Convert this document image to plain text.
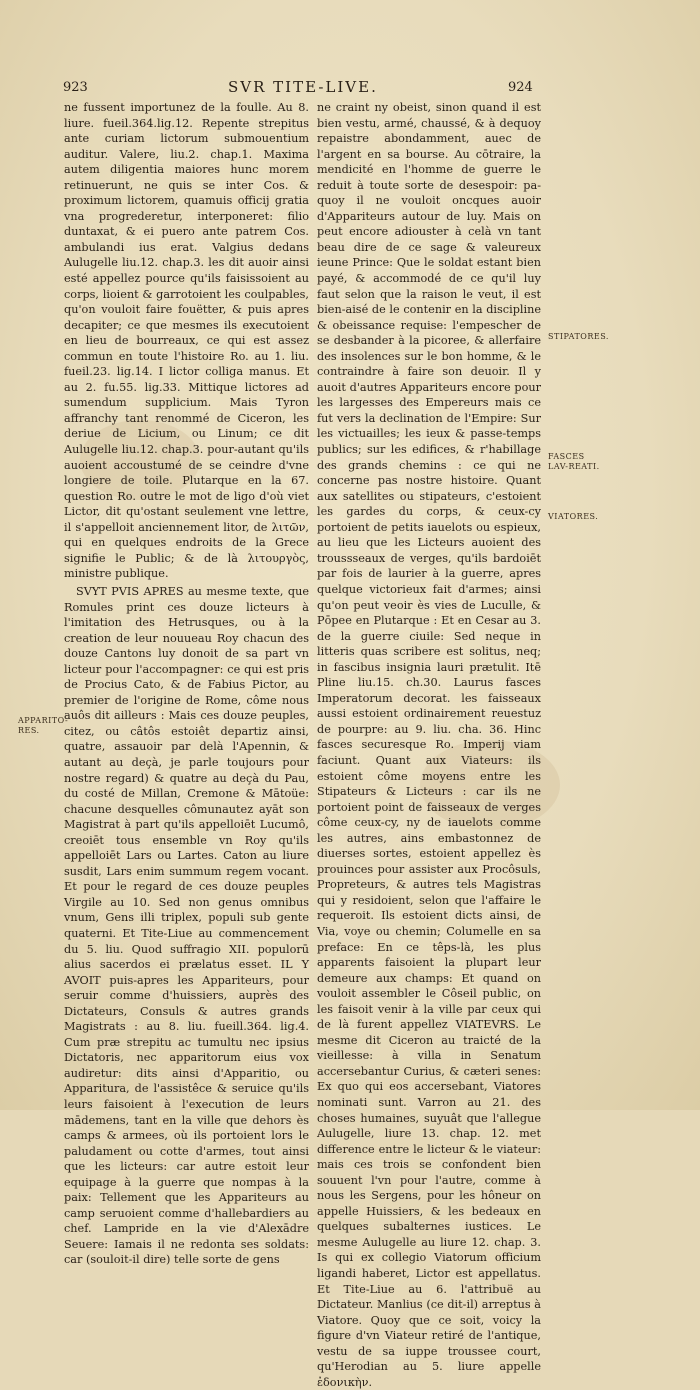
923	SVR TITE-LIVE.	924

ne fussent importunez de la foulle. Au 8. liure. fueil.364.lig.12. Repente strepitus ante curiam lictorum submouentium auditur. Valere, liu.2. chap.1. Maxima autem diligentia maiores hunc morem retinuerunt, ne quis se inter Cos. & proximum lictorem, quamuis officij gratia vna progrederetur, interponeret: filio duntaxat, & ei puero ante patrem Cos. ambulandi ius erat. Valgius dedans Aulugelle liu.12. chap.3. les dit auoir ainsi esté appellez pource qu'ils faisissoient au corps, lioient & garrotoient les coulpables, qu'on vouloit faire fouëtter, & puis apres decapiter; ce que mesmes ils executoient en lieu de bourreaux, ce qui est assez commun en toute l'histoire Ro. au 1. liu. fueil.23. lig.14. I lictor colliga manus. Et au 2. fu.55. lig.33. Mittique lictores ad sumendum supplicium. Mais Tyron affranchy tant renommé de Ciceron, les deriue de Licium, ou Linum; ce dit Aulugelle liu.12. chap.3. pour-autant qu'ils auoient accoustumé de se ceindre d'vne longiere de toile. Plutarque en la 67. question Ro. outre le mot de ligo d'où viet Lictor, dit qu'ostant seulement vne lettre, il s'appelloit anciennement litor, de λιτῶν, qui en quelques endroits de la Grece signifie le Public; & de là λιτουργὸς, ministre publique.

SVYT PVIS APRES au mesme texte, que Romules print ces douze licteurs à l'imitation des Hetrusques, ou à la creation de leur nouueau Roy chacun des douze Cantons luy donoit de sa part vn licteur pour l'accompagner: ce qui est pris de Procius Cato, & de Fabius Pictor, au premier de l'origine de Rome, côme nous auôs dit ailleurs : Mais ces douze peuples, citez, ou câtôs estoiêt departiz ainsi, quatre, assauoir par delà l'Apennin, & autant au deçà, je parle toujours pour nostre regard) & quatre au deçà du Pau, du costé de Millan, Cremone & Mātoüe: chacune desquelles cômunautez ayāt son Magistrat à part qu'ils appelloiēt Lucumô, creoiēt tous ensemble vn Roy qu'ils appelloiēt Lars ou Lartes. Caton au liure susdit, Lars enim summum regem vocant. Et pour le regard de ces douze peuples Virgile au 10. Sed non genus omnibus vnum, Gens illi triplex, populi sub gente quaterni. Et Tite-Liue au commencement du 5. liu. Quod suffragio XII. populorū alius sacerdos ei prælatus esset. IL Y AVOIT puis-apres les Appariteurs, pour seruir comme d'huissiers, auprès des Dictateurs, Consuls & autres grands Magistrats : au 8. liu. fueill.364. lig.4. Cum præ strepitu ac tumultu nec ipsius Dictatoris, nec apparitorum eius vox audiretur: dits ainsi d'Apparitio, ou Apparitura, de l'assistêce & seruice qu'ils leurs faisoient à l'execution de leurs mādemens, tant en la ville que dehors ès camps & armees, où ils portoient lors le paludament ou cotte d'armes, tout ainsi que les licteurs: car autre estoit leur equipage à la guerre que nompas à la paix: Tellement que les Appariteurs au camp seruoient comme d'hallebardiers au chef. Lampride en la vie d'Alexādre Seuere: Iamais il ne redonta ses soldats: car (souloit-il dire) telle sorte de gens

ne craint ny obeist, sinon quand il est bien vestu, armé, chaussé, & à dequoy repaistre abondamment, auec de l'argent en sa bourse. Au cōtraire, la mendicité en l'homme de guerre le reduit à toute sorte de desespoir: pa-quoy il ne vouloit oncques auoir d'Appariteurs autour de luy. Mais on peut encore adiouster à celà vn tant beau dire de ce sage & valeureux ieune Prince: Que le soldat estant bien payé, & accommodé de ce qu'il luy faut selon que la raison le veut, il est bien-aisé de le contenir en la discipline & obeissance requise: l'empescher de se desbander à la picoree, & allerfaire des insolences sur le bon homme, & le contraindre à faire son deuoir. Il y auoit d'autres Appariteurs encore pour les largesses des Empereurs mais ce fut vers la declination de l'Empire: Sur les victuailles; les ieux & passe-temps publics; sur les edifices, & r'habillage des grands chemins : ce qui ne concerne pas nostre histoire. Quant aux satellites ou stipateurs, c'estoient les gardes du corps, & ceux-cy portoient de petits iauelots ou espieux, au lieu que les Licteurs auoient des troussseaux de verges, qu'ils bardoiēt par fois de laurier à la guerre, apres quelque victorieux fait d'armes; ainsi qu'on peut veoir ès vies de Luculle, & Pōpee en Plutarque : Et en Cesar au 3. de la guerre ciuile: Sed neque in litteris quas scribere est solitus, neq; in fascibus insignia lauri prætulit. Itē Pline liu.15. ch.30. Laurus fasces Imperatorum decorat. les faisseaux aussi estoient ordinairement reuestuz de pourpre: au 9. liu. cha. 36. Hinc fasces securesque Ro. Imperij viam faciunt. Quant aux Viateurs: ils estoient côme moyens entre les Stipateurs & Licteurs : car ils ne portoient point de faisseaux de verges côme ceux-cy, ny de iauelots comme les autres, ains embastonnez de diuerses sortes, estoient appellez ès prouinces pour assister aux Procôsuls, Propreteurs, & autres tels Magistras qui y residoient, selon que l'affaire le requeroit. Ils estoient dicts ainsi, de Via, voye ou chemin; Columelle en sa preface: En ce têps-là, les plus apparents faisoient la plupart leur demeure aux champs: Et quand on vouloit assembler le Côseil public, on les faisoit venir à la ville par ceux qui de là furent appellez VIATEVRS. Le mesme dit Ciceron au traicté de la vieillesse: à villa in Senatum accersebantur Curius, & cæteri senes: Ex quo qui eos accersebant, Viatores nominati sunt. Varron au 21. des choses humaines, suyuât que l'allegue Aulugelle, liure 13. chap. 12. met difference entre le licteur & le viateur: mais ces trois se confondent bien souuent l'vn pour l'autre, comme à nous les Sergens, pour les hôneur on appelle Huissiers, & les bedeaux en quelques subalternes iustices. Le mesme Aulugelle au liure 12. chap. 3. Is qui ex collegio Viatorum officium ligandi haberet, Lictor est appellatus. Et Tite-Liue au 6. l'attribuë au Dictateur. Manlius (ce dit-il) arreptus à Viatore. Quoy que ce soit, voicy la figure d'vn Viateur retiré de l'antique, vestu de sa iuppe troussee court, qu'Herodian au 5. liure appelle ἐδονικὴν.

STIPATORES.
FASCES LAV-REATI.
VIATORES.
APPARITO-RES.
